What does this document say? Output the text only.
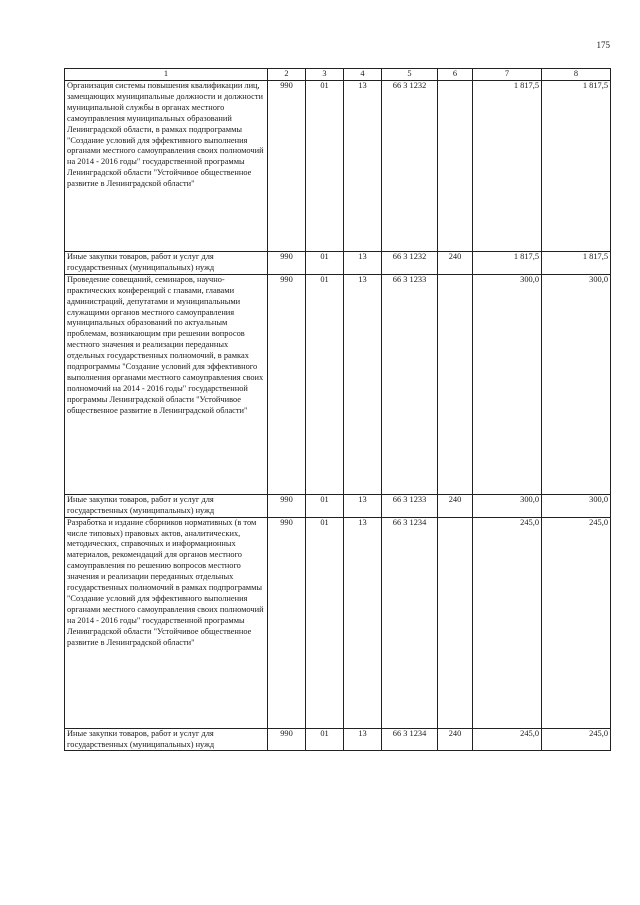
175
1	2	3	4	5	6	7	8
Организация системы повышения квалификации лиц, замещающих муниципальные должности и должности муниципальной службы в органах местного самоуправления муниципальных образований Ленинградской области, в рамках подпрограммы "Создание условий для эффективного выполнения органами местного самоуправления своих полномочий на 2014 - 2016 годы" государственной программы Ленинградской области "Устойчивое общественное развитие в Ленинградской области"	990	01	13	66 3 1232		1 817,5	1 817,5
Иные закупки товаров, работ и услуг для государственных (муниципальных) нужд	990	01	13	66 3 1232	240	1 817,5	1 817,5
Проведение совещаний, семинаров, научно-практических конференций с главами, главами администраций, депутатами и муниципальными служащими органов местного самоуправления муниципальных образований по актуальным проблемам, возникающим при решении вопросов местного значения и реализации переданных отдельных государственных полномочий, в рамках подпрограммы "Создание условий для эффективного выполнения органами местного самоуправления своих полномочий на 2014 - 2016 годы" государственной программы Ленинградской области "Устойчивое общественное развитие в Ленинградской области"	990	01	13	66 3 1233		300,0	300,0
Иные закупки товаров, работ и услуг для государственных (муниципальных) нужд	990	01	13	66 3 1233	240	300,0	300,0
Разработка и издание сборников нормативных (в том числе типовых) правовых актов, аналитических, методических, справочных и информационных материалов, рекомендаций для органов местного самоуправления по решению вопросов местного значения и реализации переданных отдельных государственных полномочий в рамках подпрограммы "Создание условий для эффективного выполнения органами местного самоуправления своих полномочий на 2014 - 2016 годы" государственной программы Ленинградской области "Устойчивое общественное развитие в Ленинградской области"	990	01	13	66 3 1234		245,0	245,0
Иные закупки товаров, работ и услуг для государственных (муниципальных) нужд	990	01	13	66 3 1234	240	245,0	245,0
